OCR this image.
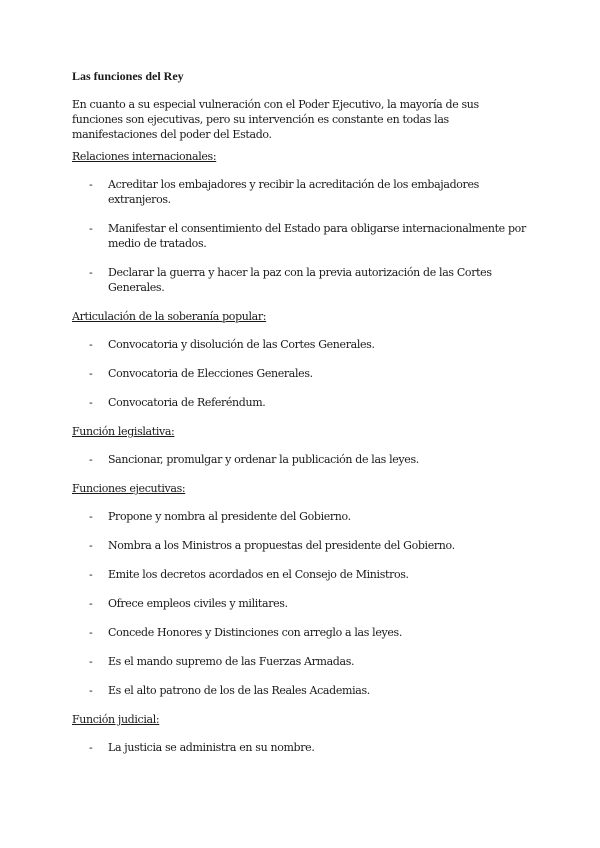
Las funciones del Rey

En cuanto a su especial vulneración con el Poder Ejecutivo, la mayoría de sus funciones son ejecutivas, pero su intervención es constante en todas las manifestaciones del poder del Estado.

Relaciones internacionales:
- Acreditar los embajadores y recibir la acreditación de los embajadores extranjeros.
- Manifestar el consentimiento del Estado para obligarse internacionalmente por medio de tratados.
- Declarar la guerra y hacer la paz con la previa autorización de las Cortes Generales.
Articulación de la soberanía popular:
- Convocatoria y disolución de las Cortes Generales.
- Convocatoria de Elecciones Generales.
- Convocatoria de Referéndum.
Función legislativa:
- Sancionar, promulgar y ordenar la publicación de las leyes.
Funciones ejecutivas:
- Propone y nombra al presidente del Gobierno.
- Nombra a los Ministros a propuestas del presidente del Gobierno.
- Emite los decretos acordados en el Consejo de Ministros.
- Ofrece empleos civiles y militares.
- Concede Honores y Distinciones con arreglo a las leyes.
- Es el mando supremo de las Fuerzas Armadas.
- Es el alto patrono de los de las Reales Academias.
Función judicial:
- La justicia se administra en su nombre.
